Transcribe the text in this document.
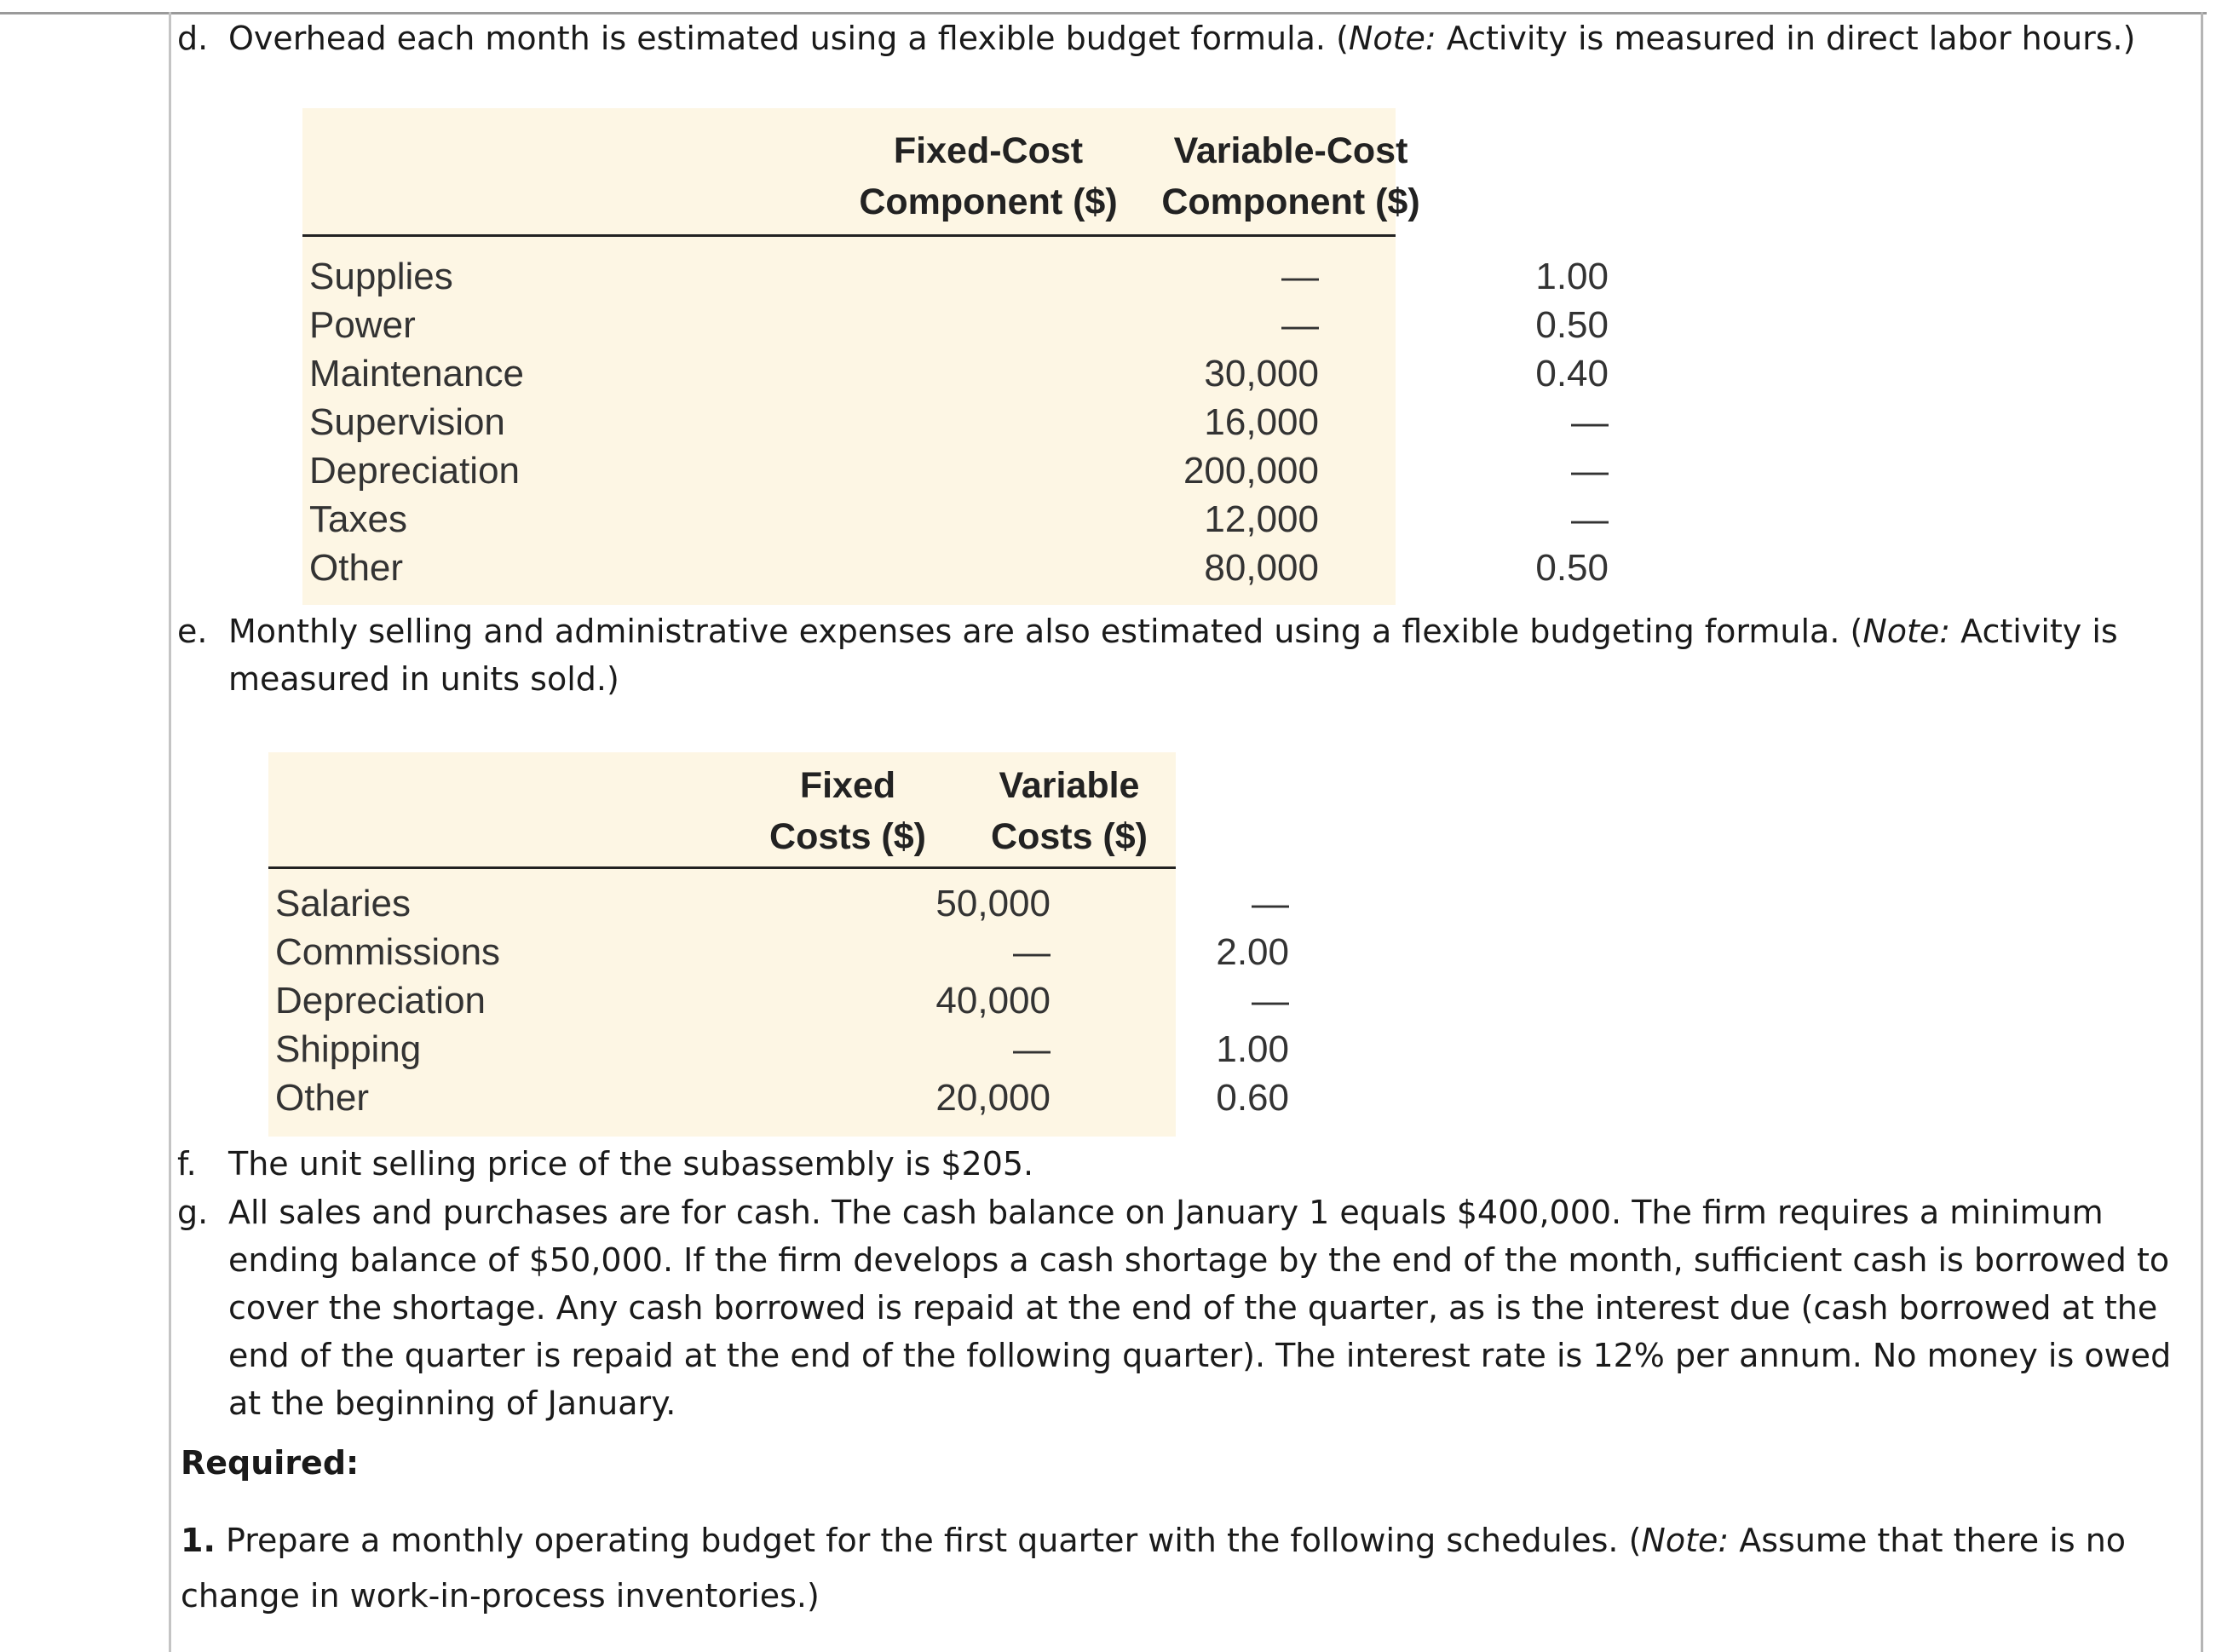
d. Overhead each month is estimated using a flexible budget formula. (Note: Activity is measured in direct labor hours.)
Fixed-Cost
Component ($)
Variable-Cost
Component ($)
Supplies	—	1.00
Power	—	0.50
Maintenance	30,000	0.40
Supervision	16,000	—
Depreciation	200,000	—
Taxes	12,000	—
Other	80,000	0.50
e. Monthly selling and administrative expenses are also estimated using a flexible budgeting formula. (Note: Activity is
measured in units sold.)
Fixed
Costs ($)
Variable
Costs ($)
Salaries	50,000	—
Commissions	—	2.00
Depreciation	40,000	—
Shipping	—	1.00
Other	20,000	0.60
f. The unit selling price of the subassembly is $205.
g. All sales and purchases are for cash. The cash balance on January 1 equals $400,000. The firm requires a minimum
ending balance of $50,000. If the firm develops a cash shortage by the end of the month, sufficient cash is borrowed to
cover the shortage. Any cash borrowed is repaid at the end of the quarter, as is the interest due (cash borrowed at the
end of the quarter is repaid at the end of the following quarter). The interest rate is 12% per annum. No money is owed
at the beginning of January.
Required:
1. Prepare a monthly operating budget for the first quarter with the following schedules. (Note: Assume that there is no
change in work-in-process inventories.)
